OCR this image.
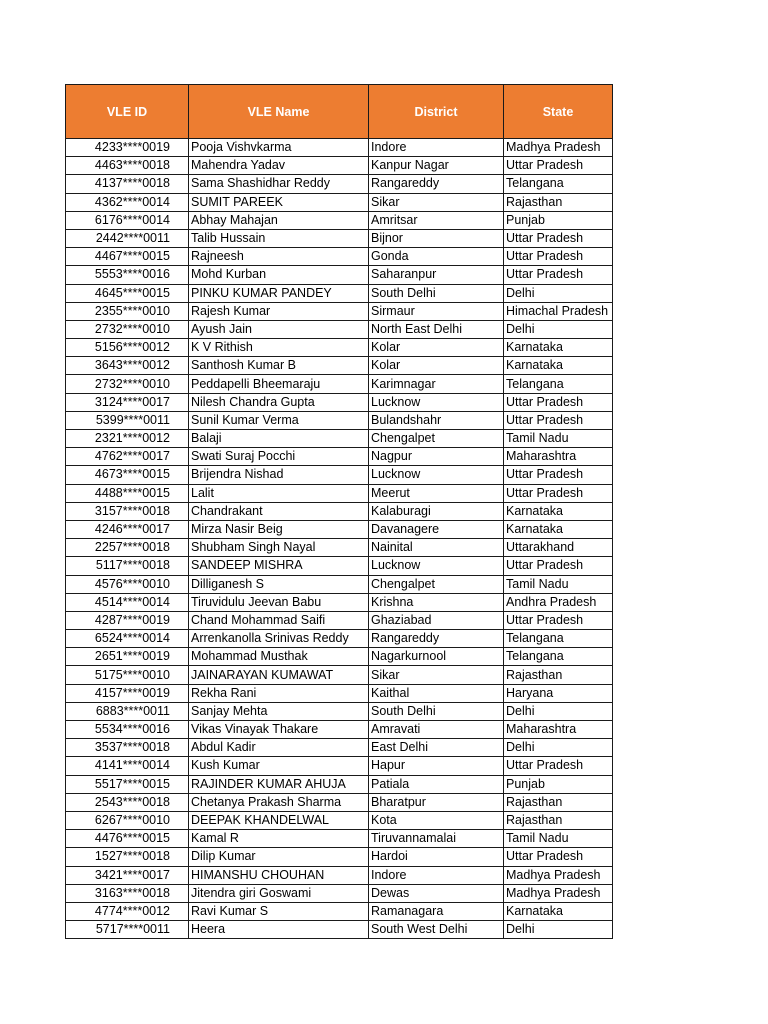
VLE ID	VLE Name	District	State
4233****0019	Pooja Vishvkarma	Indore	Madhya Pradesh
4463****0018	Mahendra Yadav	Kanpur Nagar	Uttar Pradesh
4137****0018	Sama Shashidhar Reddy	Rangareddy	Telangana
4362****0014	SUMIT PAREEK	Sikar	Rajasthan
6176****0014	Abhay Mahajan	Amritsar	Punjab
2442****0011	Talib Hussain	Bijnor	Uttar Pradesh
4467****0015	Rajneesh	Gonda	Uttar Pradesh
5553****0016	Mohd Kurban	Saharanpur	Uttar Pradesh
4645****0015	PINKU KUMAR PANDEY	South Delhi	Delhi
2355****0010	Rajesh Kumar	Sirmaur	Himachal Pradesh
2732****0010	Ayush Jain	North East Delhi	Delhi
5156****0012	K V Rithish	Kolar	Karnataka
3643****0012	Santhosh Kumar B	Kolar	Karnataka
2732****0010	Peddapelli Bheemaraju	Karimnagar	Telangana
3124****0017	Nilesh Chandra Gupta	Lucknow	Uttar Pradesh
5399****0011	Sunil Kumar Verma	Bulandshahr	Uttar Pradesh
2321****0012	Balaji	Chengalpet	Tamil Nadu
4762****0017	Swati Suraj Pocchi	Nagpur	Maharashtra
4673****0015	Brijendra Nishad	Lucknow	Uttar Pradesh
4488****0015	Lalit	Meerut	Uttar Pradesh
3157****0018	Chandrakant	Kalaburagi	Karnataka
4246****0017	Mirza Nasir Beig	Davanagere	Karnataka
2257****0018	Shubham Singh Nayal	Nainital	Uttarakhand
5117****0018	SANDEEP MISHRA	Lucknow	Uttar Pradesh
4576****0010	Dilliganesh S	Chengalpet	Tamil Nadu
4514****0014	Tiruvidulu Jeevan Babu	Krishna	Andhra Pradesh
4287****0019	Chand Mohammad Saifi	Ghaziabad	Uttar Pradesh
6524****0014	Arrenkanolla Srinivas Reddy	Rangareddy	Telangana
2651****0019	Mohammad Musthak	Nagarkurnool	Telangana
5175****0010	JAINARAYAN KUMAWAT	Sikar	Rajasthan
4157****0019	Rekha Rani	Kaithal	Haryana
6883****0011	Sanjay Mehta	South Delhi	Delhi
5534****0016	Vikas Vinayak Thakare	Amravati	Maharashtra
3537****0018	Abdul Kadir	East Delhi	Delhi
4141****0014	Kush Kumar	Hapur	Uttar Pradesh
5517****0015	RAJINDER KUMAR AHUJA	Patiala	Punjab
2543****0018	Chetanya Prakash Sharma	Bharatpur	Rajasthan
6267****0010	DEEPAK KHANDELWAL	Kota	Rajasthan
4476****0015	Kamal R	Tiruvannamalai	Tamil Nadu
1527****0018	Dilip Kumar	Hardoi	Uttar Pradesh
3421****0017	HIMANSHU CHOUHAN	Indore	Madhya Pradesh
3163****0018	Jitendra giri Goswami	Dewas	Madhya Pradesh
4774****0012	Ravi Kumar S	Ramanagara	Karnataka
5717****0011	Heera	South West Delhi	Delhi
